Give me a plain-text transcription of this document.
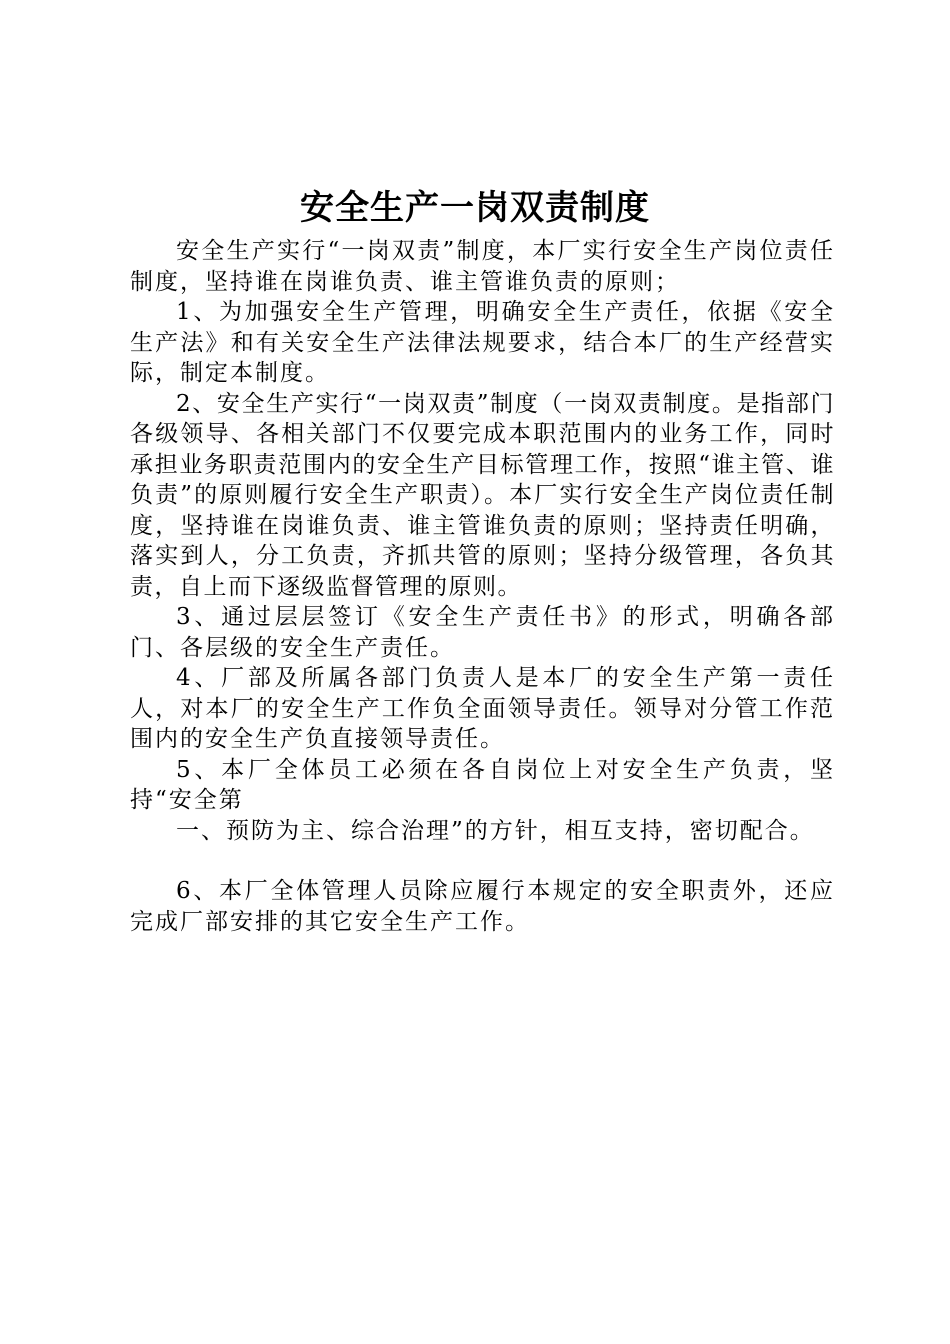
安全生产一岗双责制度

安全生产实行“一岗双责”制度，本厂实行安全生产岗位责任制度，坚持谁在岗谁负责、谁主管谁负责的原则；

1、为加强安全生产管理，明确安全生产责任，依据《安全生产法》和有关安全生产法律法规要求，结合本厂的生产经营实际，制定本制度。

2、安全生产实行“一岗双责”制度（一岗双责制度。是指部门各级领导、各相关部门不仅要完成本职范围内的业务工作，同时承担业务职责范围内的安全生产目标管理工作，按照“谁主管、谁负责”的原则履行安全生产职责）。本厂实行安全生产岗位责任制度，坚持谁在岗谁负责、谁主管谁负责的原则；坚持责任明确，落实到人，分工负责，齐抓共管的原则；坚持分级管理，各负其责，自上而下逐级监督管理的原则。

3、通过层层签订《安全生产责任书》的形式，明确各部门、各层级的安全生产责任。

4、厂部及所属各部门负责人是本厂的安全生产第一责任人，对本厂的安全生产工作负全面领导责任。领导对分管工作范围内的安全生产负直接领导责任。

5、本厂全体员工必须在各自岗位上对安全生产负责，坚持“安全第

一、预防为主、综合治理”的方针，相互支持，密切配合。

6、本厂全体管理人员除应履行本规定的安全职责外，还应完成厂部安排的其它安全生产工作。
